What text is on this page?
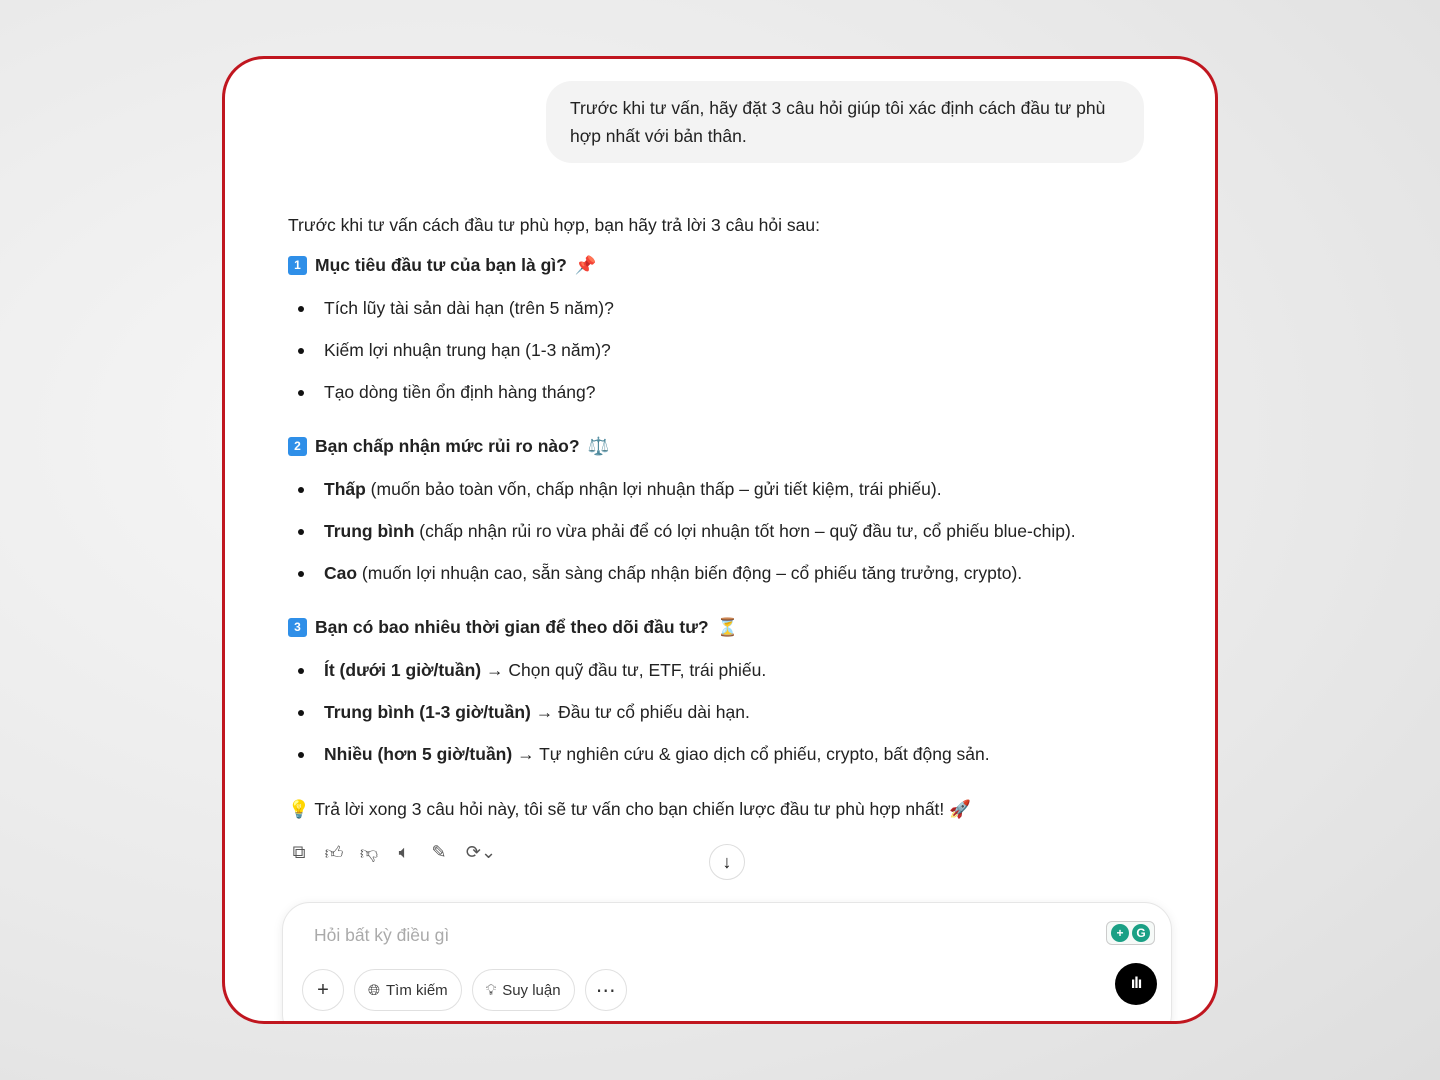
Trước khi tư vấn, hãy đặt 3 câu hỏi giúp tôi xác định cách đầu tư phù hợp nhất với bản thân.
Trước khi tư vấn cách đầu tư phù hợp, bạn hãy trả lời 3 câu hỏi sau:
1 Mục tiêu đầu tư của bạn là gì? 📌
Tích lũy tài sản dài hạn (trên 5 năm)?
Kiếm lợi nhuận trung hạn (1-3 năm)?
Tạo dòng tiền ổn định hàng tháng?
2 Bạn chấp nhận mức rủi ro nào? ⚖️
Thấp (muốn bảo toàn vốn, chấp nhận lợi nhuận thấp – gửi tiết kiệm, trái phiếu).
Trung bình (chấp nhận rủi ro vừa phải để có lợi nhuận tốt hơn – quỹ đầu tư, cổ phiếu blue-chip).
Cao (muốn lợi nhuận cao, sẵn sàng chấp nhận biến động – cổ phiếu tăng trưởng, crypto).
3 Bạn có bao nhiêu thời gian để theo dõi đầu tư? ⏳
Ít (dưới 1 giờ/tuần) → Chọn quỹ đầu tư, ETF, trái phiếu.
Trung bình (1-3 giờ/tuần) → Đầu tư cổ phiếu dài hạn.
Nhiều (hơn 5 giờ/tuần) → Tự nghiên cứu & giao dịch cổ phiếu, crypto, bất động sản.
💡 Trả lời xong 3 câu hỏi này, tôi sẽ tư vấn cho bạn chiến lược đầu tư phù hợp nhất! 🚀
⧉ 👍︎ 👎︎	🔈︎	✎ ⟳⌄	↓
Hỏi bất kỳ điều gì	+	G
+	🌐︎ Tìm kiếm	💡︎ Suy luận	⋯	ılı
